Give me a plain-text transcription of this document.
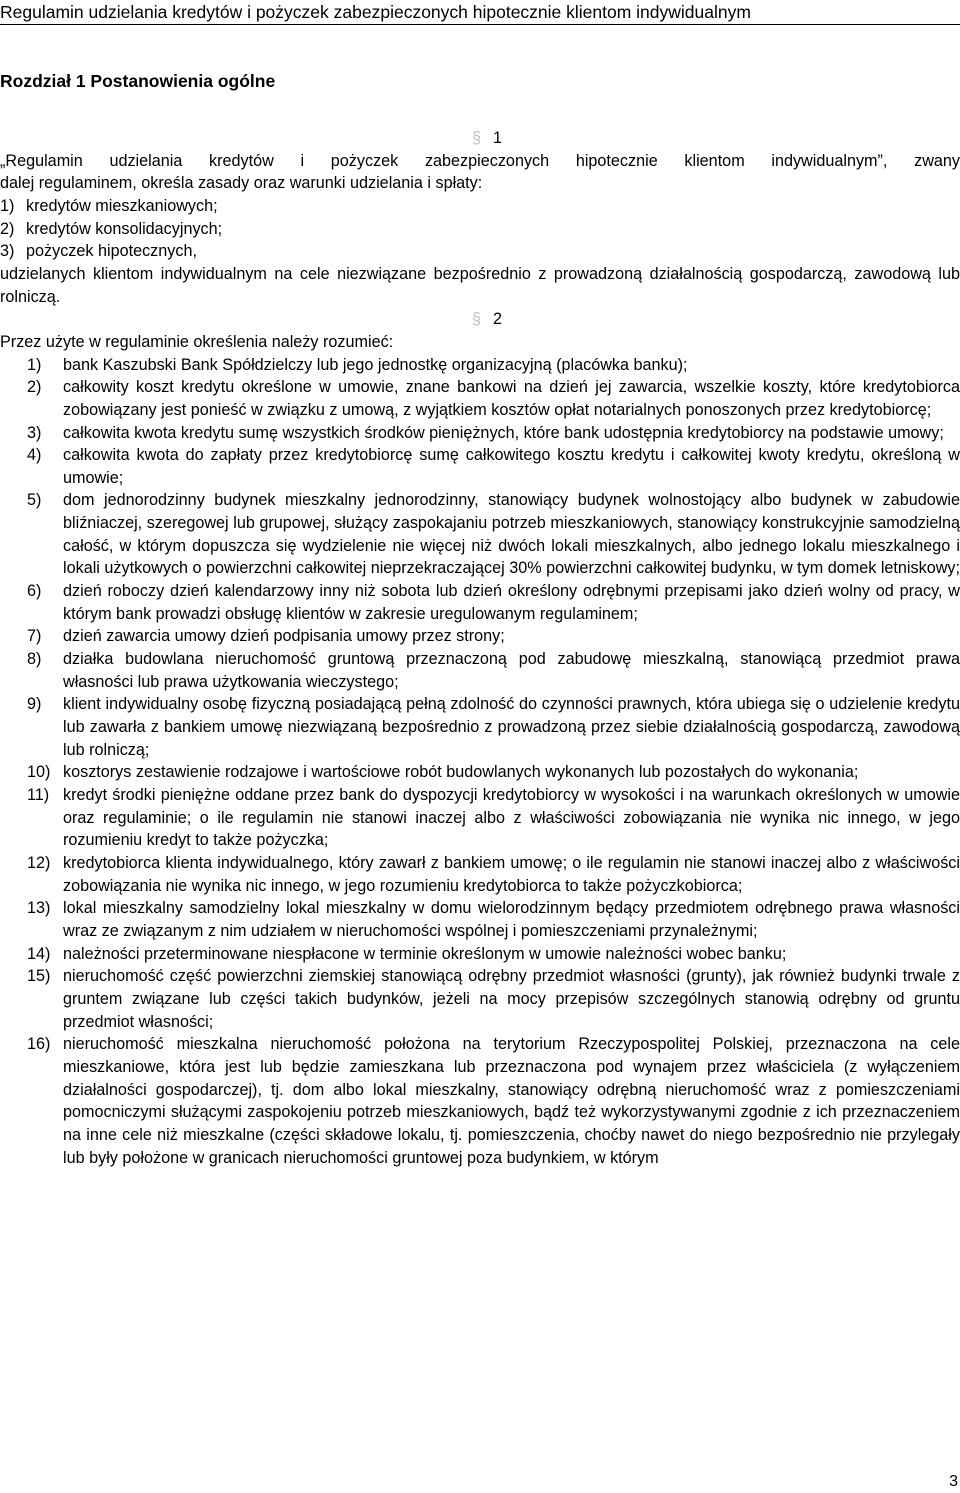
Regulamin udzielania kredytów i pożyczek zabezpieczonych hipotecznie klientom indywidualnym
Rozdział 1 Postanowienia ogólne
§ 1

„Regulamin udzielania kredytów i pożyczek zabezpieczonych hipotecznie klientom indywidualnym”, zwany

dalej regulaminem, określa zasady oraz warunki udzielania i spłaty:

1) kredytów mieszkaniowych;
2) kredytów konsolidacyjnych;
3) pożyczek hipotecznych,

udzielanych klientom indywidualnym na cele niezwiązane bezpośrednio z prowadzoną działalnością gospodarczą, zawodową lub rolniczą.

§ 2

Przez użyte w regulaminie określenia należy rozumieć:

1) bank Kaszubski Bank Spółdzielczy lub jego jednostkę organizacyjną (placówka banku);
2) całkowity koszt kredytu określone w umowie, znane bankowi na dzień jej zawarcia, wszelkie koszty, które kredytobiorca zobowiązany jest ponieść w związku z umową, z wyjątkiem kosztów opłat notarialnych ponoszonych przez kredytobiorcę;
3) całkowita kwota kredytu sumę wszystkich środków pieniężnych, które bank udostępnia kredytobiorcy na podstawie umowy;
4) całkowita kwota do zapłaty przez kredytobiorcę sumę całkowitego kosztu kredytu i całkowitej kwoty kredytu, określoną w umowie;
5) dom jednorodzinny budynek mieszkalny jednorodzinny, stanowiący budynek wolnostojący albo budynek w zabudowie bliźniaczej, szeregowej lub grupowej, służący zaspokajaniu potrzeb mieszkaniowych, stanowiący konstrukcyjnie samodzielną całość, w którym dopuszcza się wydzielenie nie więcej niż dwóch lokali mieszkalnych, albo jednego lokalu mieszkalnego i lokali użytkowych o powierzchni całkowitej nieprzekraczającej 30% powierzchni całkowitej budynku, w tym domek letniskowy;
6) dzień roboczy dzień kalendarzowy inny niż sobota lub dzień określony odrębnymi przepisami jako dzień wolny od pracy, w którym bank prowadzi obsługę klientów w zakresie uregulowanym regulaminem;
7) dzień zawarcia umowy dzień podpisania umowy przez strony;
8) działka budowlana nieruchomość gruntową przeznaczoną pod zabudowę mieszkalną, stanowiącą przedmiot prawa własności lub prawa użytkowania wieczystego;
9) klient indywidualny osobę fizyczną posiadającą pełną zdolność do czynności prawnych, która ubiega się o udzielenie kredytu lub zawarła z bankiem umowę niezwiązaną bezpośrednio z prowadzoną przez siebie działalnością gospodarczą, zawodową lub rolniczą;
10) kosztorys zestawienie rodzajowe i wartościowe robót budowlanych wykonanych lub pozostałych do wykonania;
11) kredyt środki pieniężne oddane przez bank do dyspozycji kredytobiorcy w wysokości i na warunkach określonych w umowie oraz regulaminie; o ile regulamin nie stanowi inaczej albo z właściwości zobowiązania nie wynika nic innego, w jego rozumieniu kredyt to także pożyczka;
12) kredytobiorca klienta indywidualnego, który zawarł z bankiem umowę; o ile regulamin nie stanowi inaczej albo z właściwości zobowiązania nie wynika nic innego, w jego rozumieniu kredytobiorca to także pożyczkobiorca;
13) lokal mieszkalny samodzielny lokal mieszkalny w domu wielorodzinnym będący przedmiotem odrębnego prawa własności wraz ze związanym z nim udziałem w nieruchomości wspólnej i pomieszczeniami przynależnymi;
14) należności przeterminowane niespłacone w terminie określonym w umowie należności wobec banku;
15) nieruchomość część powierzchni ziemskiej stanowiącą odrębny przedmiot własności (grunty), jak również budynki trwale z gruntem związane lub części takich budynków, jeżeli na mocy przepisów szczególnych stanowią odrębny od gruntu przedmiot własności;
16) nieruchomość mieszkalna nieruchomość położona na terytorium Rzeczypospolitej Polskiej, przeznaczona na cele mieszkaniowe, która jest lub będzie zamieszkana lub przeznaczona pod wynajem przez właściciela (z wyłączeniem działalności gospodarczej), tj. dom albo lokal mieszkalny, stanowiący odrębną nieruchomość wraz z pomieszczeniami pomocniczymi służącymi zaspokojeniu potrzeb mieszkaniowych, bądź też wykorzystywanymi zgodnie z ich przeznaczeniem na inne cele niż mieszkalne (części składowe lokalu, tj. pomieszczenia, choćby nawet do niego bezpośrednio nie przylegały lub były położone w granicach nieruchomości gruntowej poza budynkiem, w którym
3
